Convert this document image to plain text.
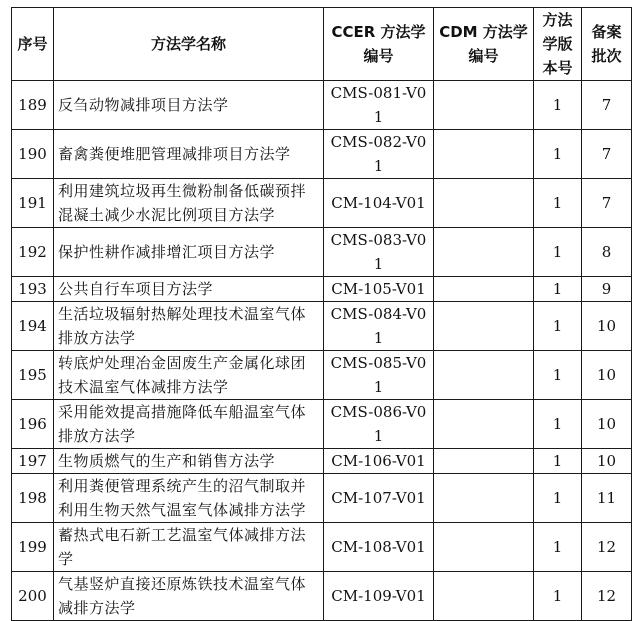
序号	方法学名称	CCER 方法学编号	CDM 方法学编号	方法学版本号	备案批次
189	反刍动物减排项目方法学	CMS-081-V01		1	7
190	畜禽粪便堆肥管理减排项目方法学	CMS-082-V01		1	7
191	利用建筑垃圾再生微粉制备低碳预拌混凝土减少水泥比例项目方法学	CM-104-V01		1	7
192	保护性耕作减排增汇项目方法学	CMS-083-V01		1	8
193	公共自行车项目方法学	CM-105-V01		1	9
194	生活垃圾辐射热解处理技术温室气体排放方法学	CMS-084-V01		1	10
195	转底炉处理冶金固废生产金属化球团技术温室气体减排方法学	CMS-085-V01		1	10
196	采用能效提高措施降低车船温室气体排放方法学	CMS-086-V01		1	10
197	生物质燃气的生产和销售方法学	CM-106-V01		1	10
198	利用粪便管理系统产生的沼气制取并利用生物天然气温室气体减排方法学	CM-107-V01		1	11
199	蓄热式电石新工艺温室气体减排方法学	CM-108-V01		1	12
200	气基竖炉直接还原炼铁技术温室气体减排方法学	CM-109-V01		1	12
